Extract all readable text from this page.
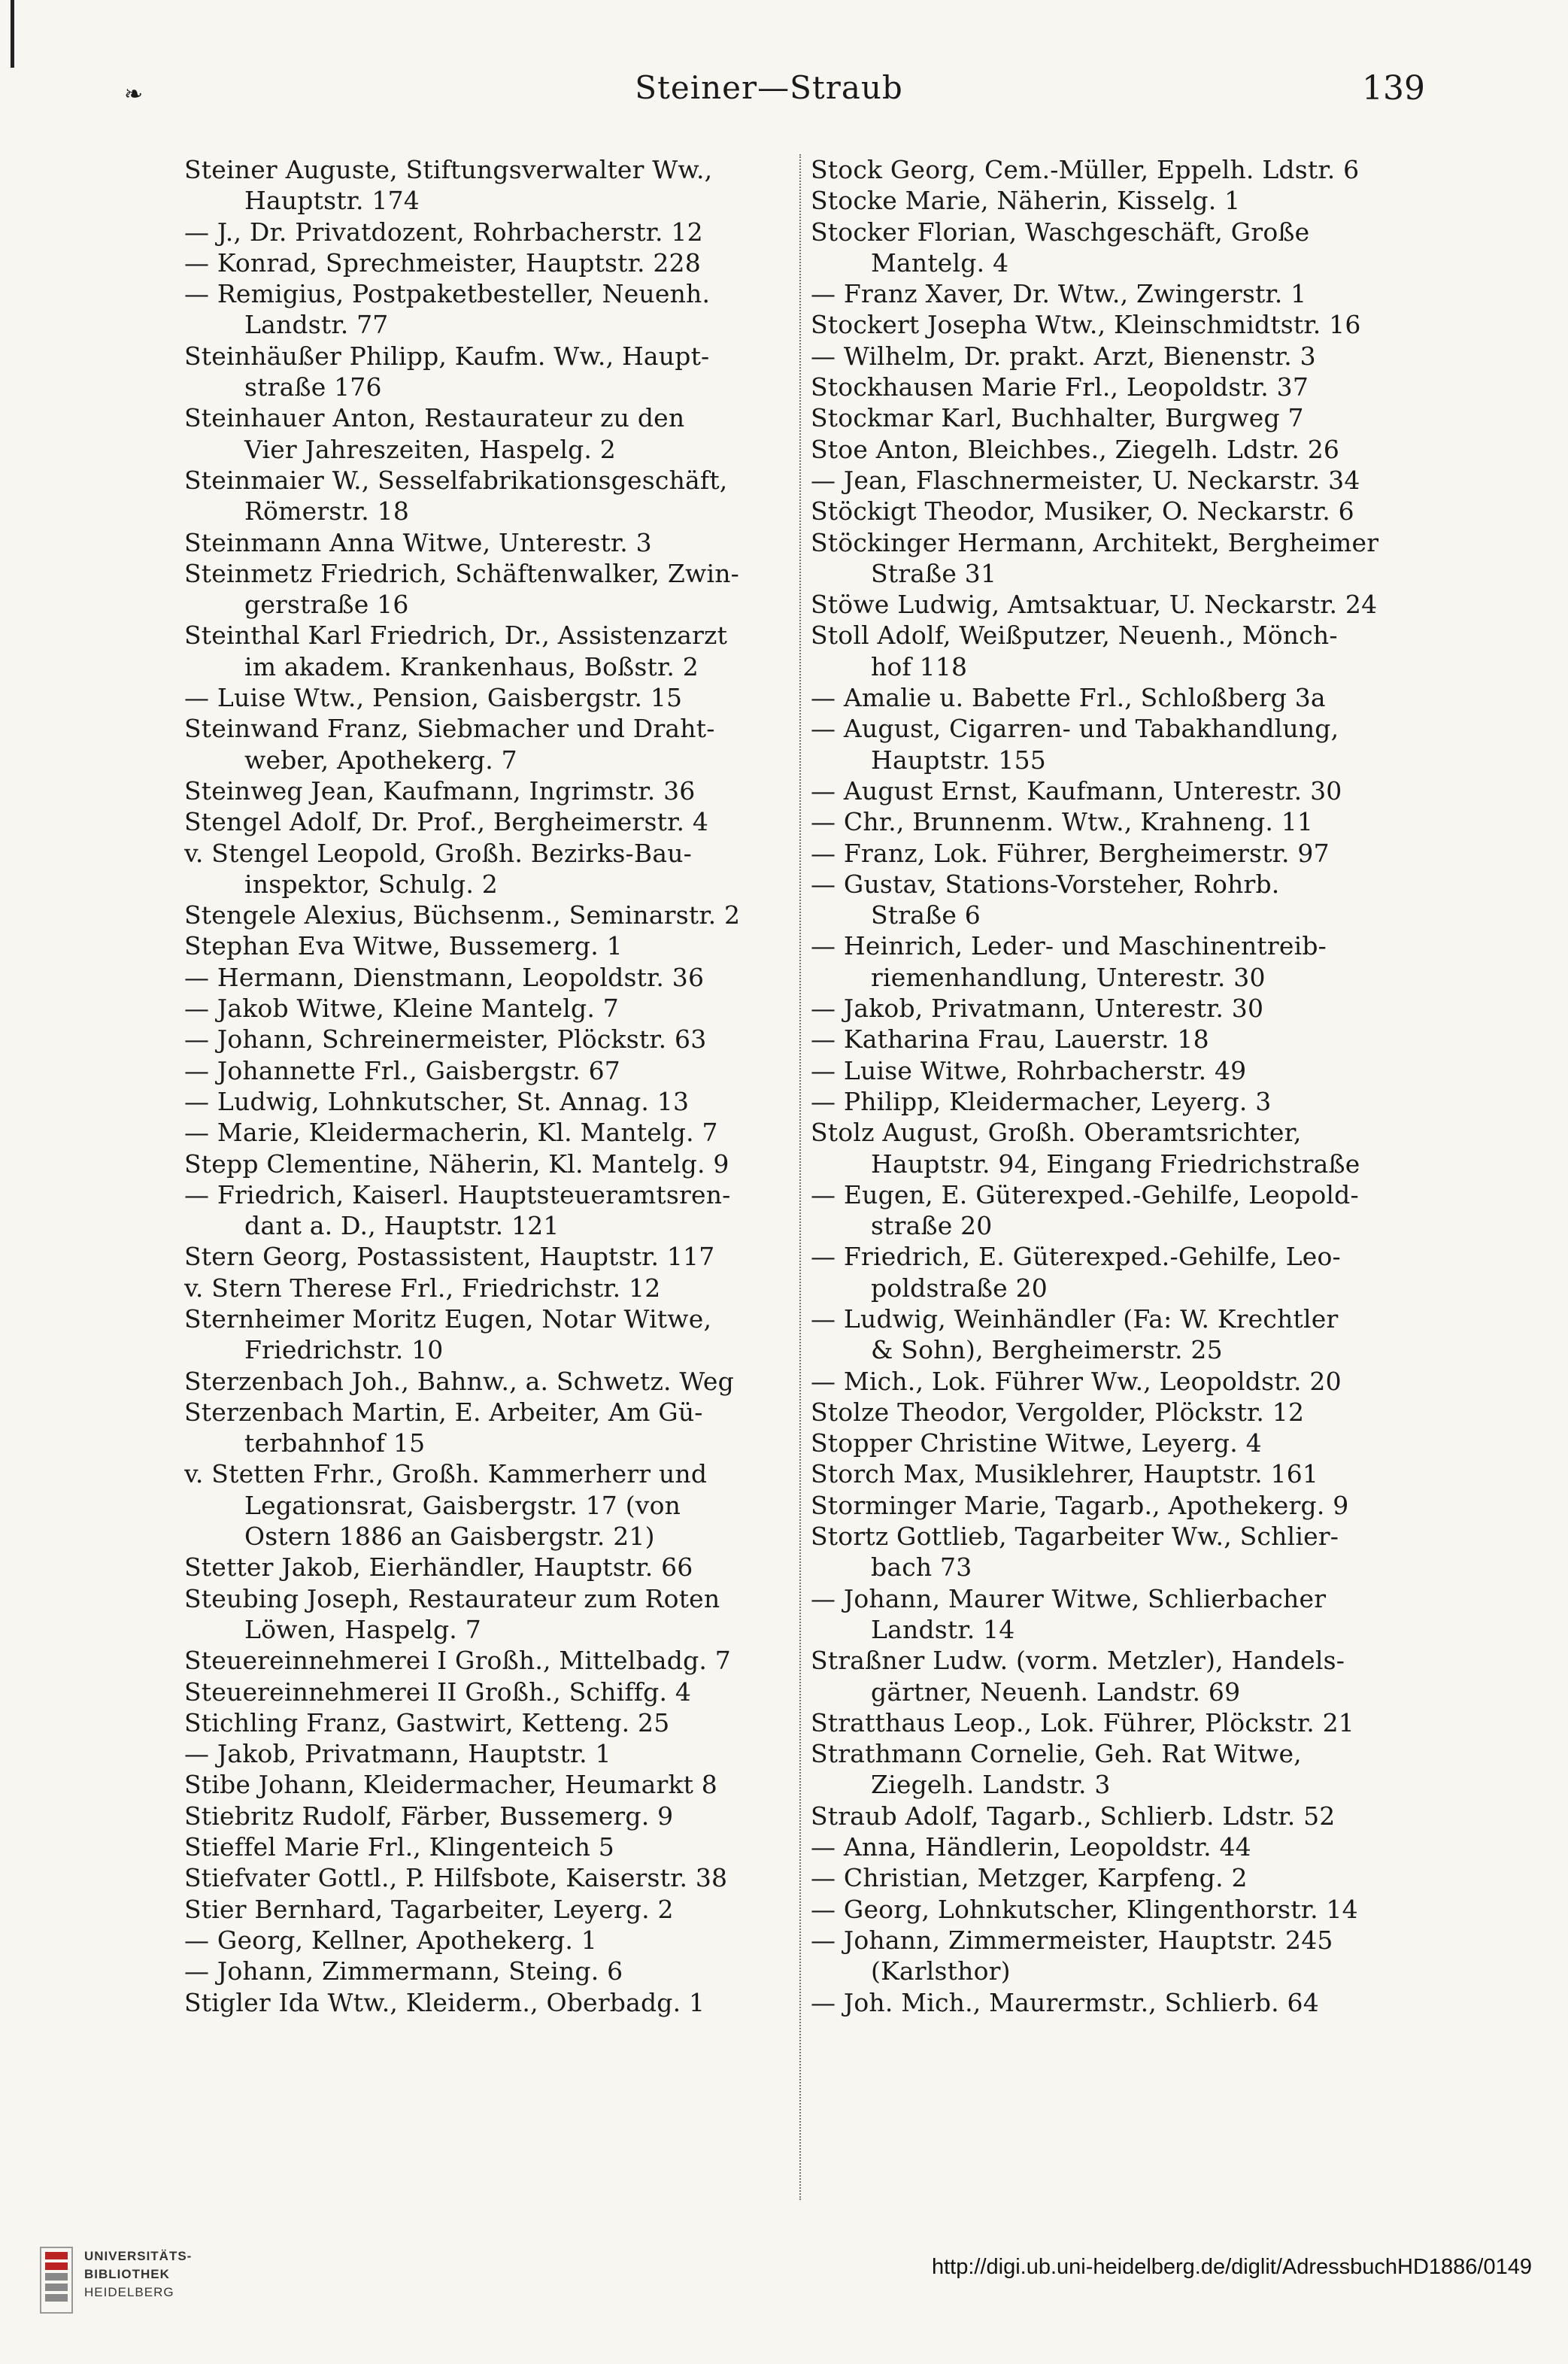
❧	Steiner—Straub	139
Steiner Auguste, Stiftungsverwalter Ww.,
Hauptstr. 174
— J., Dr. Privatdozent, Rohrbacherstr. 12
— Konrad, Sprechmeister, Hauptstr. 228
— Remigius, Postpaketbesteller, Neuenh.
Landstr. 77
Steinhäußer Philipp, Kaufm. Ww., Haupt-
straße 176
Steinhauer Anton, Restaurateur zu den
Vier Jahreszeiten, Haspelg. 2
Steinmaier W., Sesselfabrikationsgeschäft,
Römerstr. 18
Steinmann Anna Witwe, Unterestr. 3
Steinmetz Friedrich, Schäftenwalker, Zwin-
gerstraße 16
Steinthal Karl Friedrich, Dr., Assistenzarzt
im akadem. Krankenhaus, Boßstr. 2
— Luise Wtw., Pension, Gaisbergstr. 15
Steinwand Franz, Siebmacher und Draht-
weber, Apothekerg. 7
Steinweg Jean, Kaufmann, Ingrimstr. 36
Stengel Adolf, Dr. Prof., Bergheimerstr. 4
v. Stengel Leopold, Großh. Bezirks-Bau-
inspektor, Schulg. 2
Stengele Alexius, Büchsenm., Seminarstr. 2
Stephan Eva Witwe, Bussemerg. 1
— Hermann, Dienstmann, Leopoldstr. 36
— Jakob Witwe, Kleine Mantelg. 7
— Johann, Schreinermeister, Plöckstr. 63
— Johannette Frl., Gaisbergstr. 67
— Ludwig, Lohnkutscher, St. Annag. 13
— Marie, Kleidermacherin, Kl. Mantelg. 7
Stepp Clementine, Näherin, Kl. Mantelg. 9
— Friedrich, Kaiserl. Hauptsteueramtsren-
dant a. D., Hauptstr. 121
Stern Georg, Postassistent, Hauptstr. 117
v. Stern Therese Frl., Friedrichstr. 12
Sternheimer Moritz Eugen, Notar Witwe,
Friedrichstr. 10
Sterzenbach Joh., Bahnw., a. Schwetz. Weg
Sterzenbach Martin, E. Arbeiter, Am Gü-
terbahnhof 15
v. Stetten Frhr., Großh. Kammerherr und
Legationsrat, Gaisbergstr. 17 (von
Ostern 1886 an Gaisbergstr. 21)
Stetter Jakob, Eierhändler, Hauptstr. 66
Steubing Joseph, Restaurateur zum Roten
Löwen, Haspelg. 7
Steuereinnehmerei I Großh., Mittelbadg. 7
Steuereinnehmerei II Großh., Schiffg. 4
Stichling Franz, Gastwirt, Ketteng. 25
— Jakob, Privatmann, Hauptstr. 1
Stibe Johann, Kleidermacher, Heumarkt 8
Stiebritz Rudolf, Färber, Bussemerg. 9
Stieffel Marie Frl., Klingenteich 5
Stiefvater Gottl., P. Hilfsbote, Kaiserstr. 38
Stier Bernhard, Tagarbeiter, Leyerg. 2
— Georg, Kellner, Apothekerg. 1
— Johann, Zimmermann, Steing. 6
Stigler Ida Wtw., Kleiderm., Oberbadg. 1
Stock Georg, Cem.-Müller, Eppelh. Ldstr. 6
Stocke Marie, Näherin, Kisselg. 1
Stocker Florian, Waschgeschäft, Große
Mantelg. 4
— Franz Xaver, Dr. Wtw., Zwingerstr. 1
Stockert Josepha Wtw., Kleinschmidtstr. 16
— Wilhelm, Dr. prakt. Arzt, Bienenstr. 3
Stockhausen Marie Frl., Leopoldstr. 37
Stockmar Karl, Buchhalter, Burgweg 7
Stoe Anton, Bleichbes., Ziegelh. Ldstr. 26
— Jean, Flaschnermeister, U. Neckarstr. 34
Stöckigt Theodor, Musiker, O. Neckarstr. 6
Stöckinger Hermann, Architekt, Bergheimer
Straße 31
Stöwe Ludwig, Amtsaktuar, U. Neckarstr. 24
Stoll Adolf, Weißputzer, Neuenh., Mönch-
hof 118
— Amalie u. Babette Frl., Schloßberg 3a
— August, Cigarren- und Tabakhandlung,
Hauptstr. 155
— August Ernst, Kaufmann, Unterestr. 30
— Chr., Brunnenm. Wtw., Krahneng. 11
— Franz, Lok. Führer, Bergheimerstr. 97
— Gustav, Stations-Vorsteher, Rohrb.
Straße 6
— Heinrich, Leder- und Maschinentreib-
riemenhandlung, Unterestr. 30
— Jakob, Privatmann, Unterestr. 30
— Katharina Frau, Lauerstr. 18
— Luise Witwe, Rohrbacherstr. 49
— Philipp, Kleidermacher, Leyerg. 3
Stolz August, Großh. Oberamtsrichter,
Hauptstr. 94, Eingang Friedrichstraße
— Eugen, E. Güterexped.-Gehilfe, Leopold-
straße 20
— Friedrich, E. Güterexped.-Gehilfe, Leo-
poldstraße 20
— Ludwig, Weinhändler (Fa: W. Krechtler
& Sohn), Bergheimerstr. 25
— Mich., Lok. Führer Ww., Leopoldstr. 20
Stolze Theodor, Vergolder, Plöckstr. 12
Stopper Christine Witwe, Leyerg. 4
Storch Max, Musiklehrer, Hauptstr. 161
Storminger Marie, Tagarb., Apothekerg. 9
Stortz Gottlieb, Tagarbeiter Ww., Schlier-
bach 73
— Johann, Maurer Witwe, Schlierbacher
Landstr. 14
Straßner Ludw. (vorm. Metzler), Handels-
gärtner, Neuenh. Landstr. 69
Stratthaus Leop., Lok. Führer, Plöckstr. 21
Strathmann Cornelie, Geh. Rat Witwe,
Ziegelh. Landstr. 3
Straub Adolf, Tagarb., Schlierb. Ldstr. 52
— Anna, Händlerin, Leopoldstr. 44
— Christian, Metzger, Karpfeng. 2
— Georg, Lohnkutscher, Klingenthorstr. 14
— Johann, Zimmermeister, Hauptstr. 245
(Karlsthor)
— Joh. Mich., Maurermstr., Schlierb. 64
UNIVERSITÄTS-
BIBLIOTHEK
HEIDELBERG
http://digi.ub.uni-heidelberg.de/diglit/AdressbuchHD1886/0149
